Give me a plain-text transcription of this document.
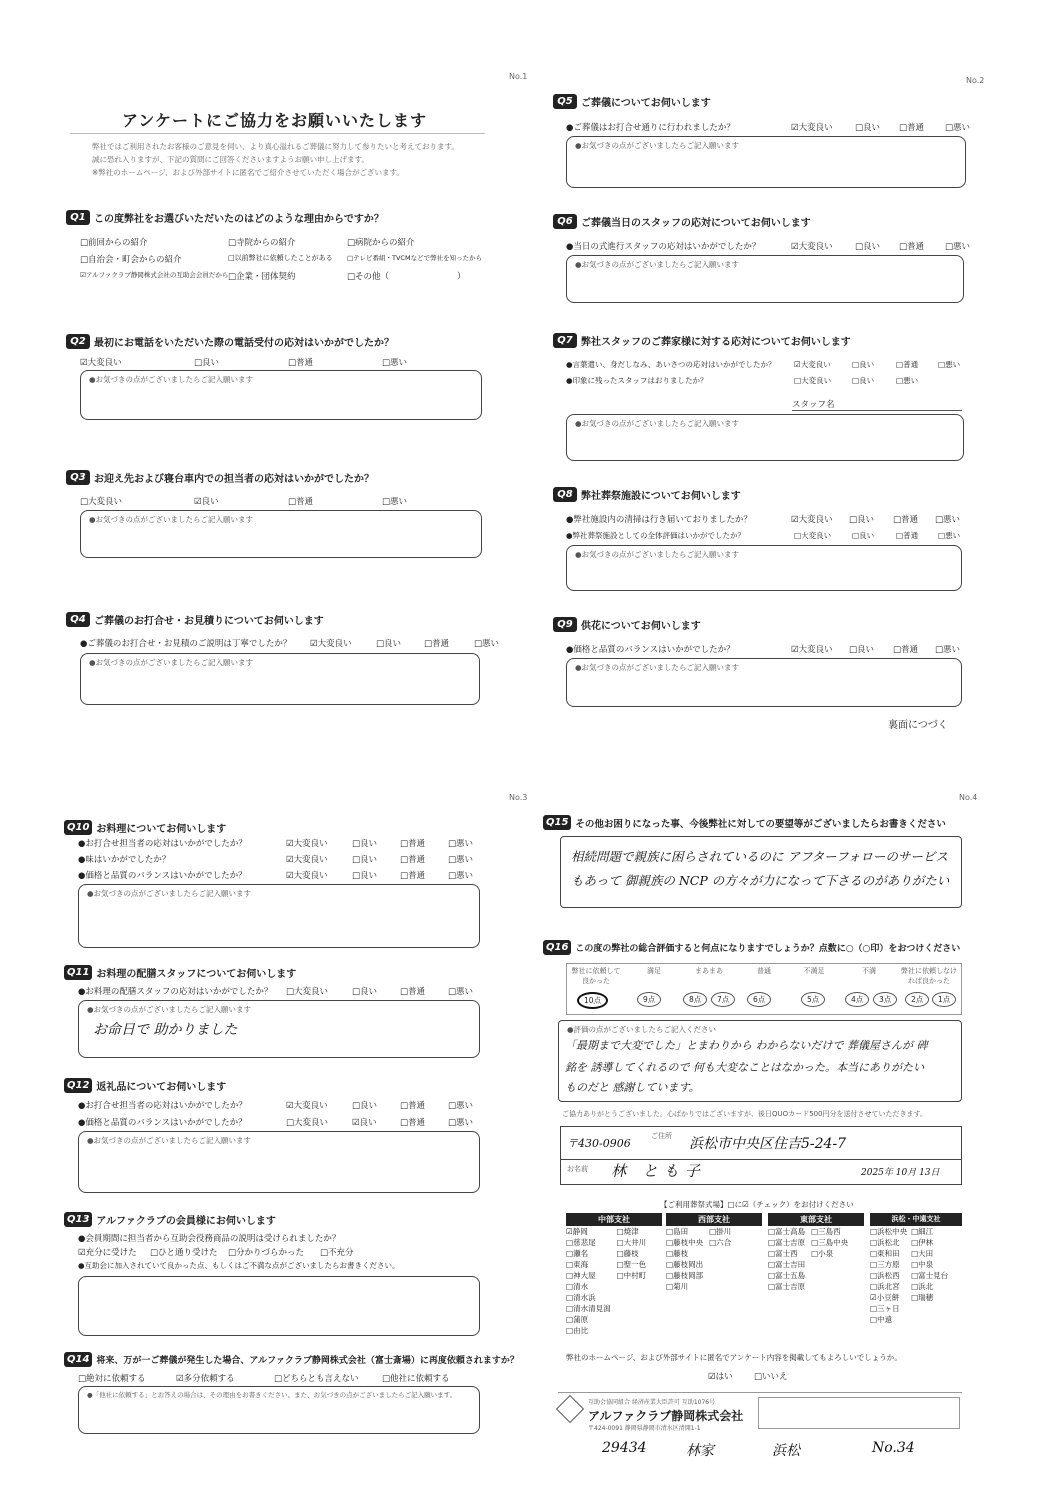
No.1	No.2
No.3	No.4
アンケートにご協力をお願いいたします
弊社ではご利用されたお客様のご意見を伺い、より真心溢れるご葬儀に努力して参りたいと考えております。
誠に恐れ入りますが、下記の質問にご回答くださいますようお願い申し上げます。
※弊社のホームページ、および外部サイトに匿名でご紹介させていただく場合がございます。
Q1 この度弊社をお選びいただいたのはどのような理由からですか？
□前回からの紹介	□寺院からの紹介	□病院からの紹介
□自治会・町会からの紹介	□以前弊社に依頼したことがある □テレビ番組・TVCMなどで弊社を知ったから
☑アルファクラブ静岡株式会社の互助会会員だから □企業・団体契約	□その他（　　　　　　　　）
Q2 最初にお電話をいただいた際の電話受付の応対はいかがでしたか？
☑大変良い	□良い	□普通	□悪い
●お気づきの点がございましたらご記入願います
Q3 お迎え先および寝台車内での担当者の応対はいかがでしたか？
□大変良い	☑良い	□普通	□悪い
●お気づきの点がございましたらご記入願います
Q4 ご葬儀のお打合せ・お見積りについてお伺いします
●ご葬儀のお打合せ・お見積のご説明は丁寧でしたか？ ☑大変良い	□良い	□普通	□悪い
●お気づきの点がございましたらご記入願います
Q5 ご葬儀についてお伺いします
●ご葬儀はお打合せ通りに行われましたか？	☑大変良い	□良い □普通 □悪い
●お気づきの点がございましたらご記入願います
Q6 ご葬儀当日のスタッフの応対についてお伺いします
●当日の式進行スタッフの応対はいかがでしたか？	☑大変良い	□良い □普通 □悪い
●お気づきの点がございましたらご記入願います
Q7 弊社スタッフのご葬家様に対する応対についてお伺いします
●言葉遣い、身だしなみ、あいさつの応対はいかがでしたか？ ☑大変良い	□良い	□普通	□悪い
●印象に残ったスタッフはおりましたか？	□大変良い	□良い	□悪い
スタッフ名
●お気づきの点がございましたらご記入願います
Q8 弊社葬祭施設についてお伺いします
●弊社施設内の清掃は行き届いておりましたか？	☑大変良い □良い □普通 □悪い
●弊社葬祭施設としての全体評価はいかがでしたか？	□大変良い	□良い	□普通	□悪い
●お気づきの点がございましたらご記入願います
Q9 供花についてお伺いします
●価格と品質のバランスはいかがでしたか？	☑大変良い □良い □普通 □悪い
●お気づきの点がございましたらご記入願います
裏面につづく
Q10 お料理についてお伺いします
●お打合せ担当者の応対はいかがでしたか？	☑大変良い	□良い	□普通	□悪い
●味はいかがでしたか？	☑大変良い	□良い	□普通	□悪い
●価格と品質のバランスはいかがでしたか？	☑大変良い	□良い	□普通	□悪い
●お気づきの点がございましたらご記入願います
Q11 お料理の配膳スタッフについてお伺いします
●お料理の配膳スタッフの応対はいかがでしたか？ □大変良い	□良い	□普通	□悪い
●お気づきの点がございましたらご記入願います
お命日で 助かりました
Q12 返礼品についてお伺いします
●お打合せ担当者の応対はいかがでしたか？	☑大変良い	□良い	□普通	□悪い
●価格と品質のバランスはいかがでしたか？	□大変良い	☑良い	□普通	□悪い
●お気づきの点がございましたらご記入願います
Q13 アルファクラブの会員様にお伺いします
●会員期間に担当者から互助会役務商品の説明は受けられましたか？
☑充分に受けた □ひと通り受けた □分かりづらかった □不充分
●互助会に加入されていて良かった点、もしくはご不満な点がございましたらお書きください。
Q14 将来、万が一ご葬儀が発生した場合、アルファクラブ静岡株式会社（富士斎場）に再度依頼されますか？
□絶対に依頼する	☑多分依頼する	□どちらとも言えない	□他社に依頼する
●「他社に依頼する」とお答えの場合は、その理由をお書きください。また、お気づきの点がございましたらご記入願います。
Q15 その他お困りになった事、今後弊社に対しての要望等がございましたらお書きください
相続問題で親族に困らされているのに アフターフォローのサービス
もあって 御親族の NCP の方々が力になって下さるのがありがたい
Q16 この度の弊社の総合評価すると何点になりますでしょうか？点数に○（○印）をおつけください
弊社に依頼して良かった
満足	まあまあ	普通	不満足	不満	弊社に依頼しなければ良かった
10点	9点	8点	7点	6点	5点	4点	3点	2点	1点
●評価の点がございましたらご記入ください
「最期まで大変でした」とまわりから わからないだけで 葬儀屋さんが 碑
銘を 誘導してくれるので 何も大変なことはなかった。本当にありがたい
ものだと 感謝しています。
ご協力ありがとうございました。心ばかりではございますが、後日QUOカード500円分を送付させていただきます。
〒430-0906
ご住所 浜松市中央区住吉5-24-7
お名前 林 とも子	2025年 10月 13日
【ご利用葬祭式場】□に☑（チェック）をお付けください
中部支社
☑静岡
□慈悲尾
□瀬名
□東海
□神大屋
□清水
□清水浜
□清水清見潟
□蒲原
□由比
□焼津
□大井川
□藤枝
□聖一色
□中村町
西部支社
□島田
□藤枝中央
□藤枝
□藤枝岡出
□藤枝岡部
□菊川
□掛川
□六合
東部支社
□富士高島
□富士吉原
□富士西
□富士吉田
□富士五島
□富士吉原
□三島西
□三島中央
□小泉
浜松・中遠支社
□浜松中央
□浜松北
□東和田
□三方原
□浜松西
□浜北宮
☑小豆餅
□三ヶ日
□中遠
□細江
□伊林
□大田
□中泉
□富士見台
□浜北
□瑞穂
弊社のホームページ、および外部サイトに匿名でアンケート内容を掲載してもよろしいでしょうか。
☑はい	□いいえ
互助会協同組合 経済産業大臣許可 互助1076号
アルファクラブ静岡株式会社
〒424-0091 静岡県静岡市清水区清開1-1
29434	林家	浜松	No.34
